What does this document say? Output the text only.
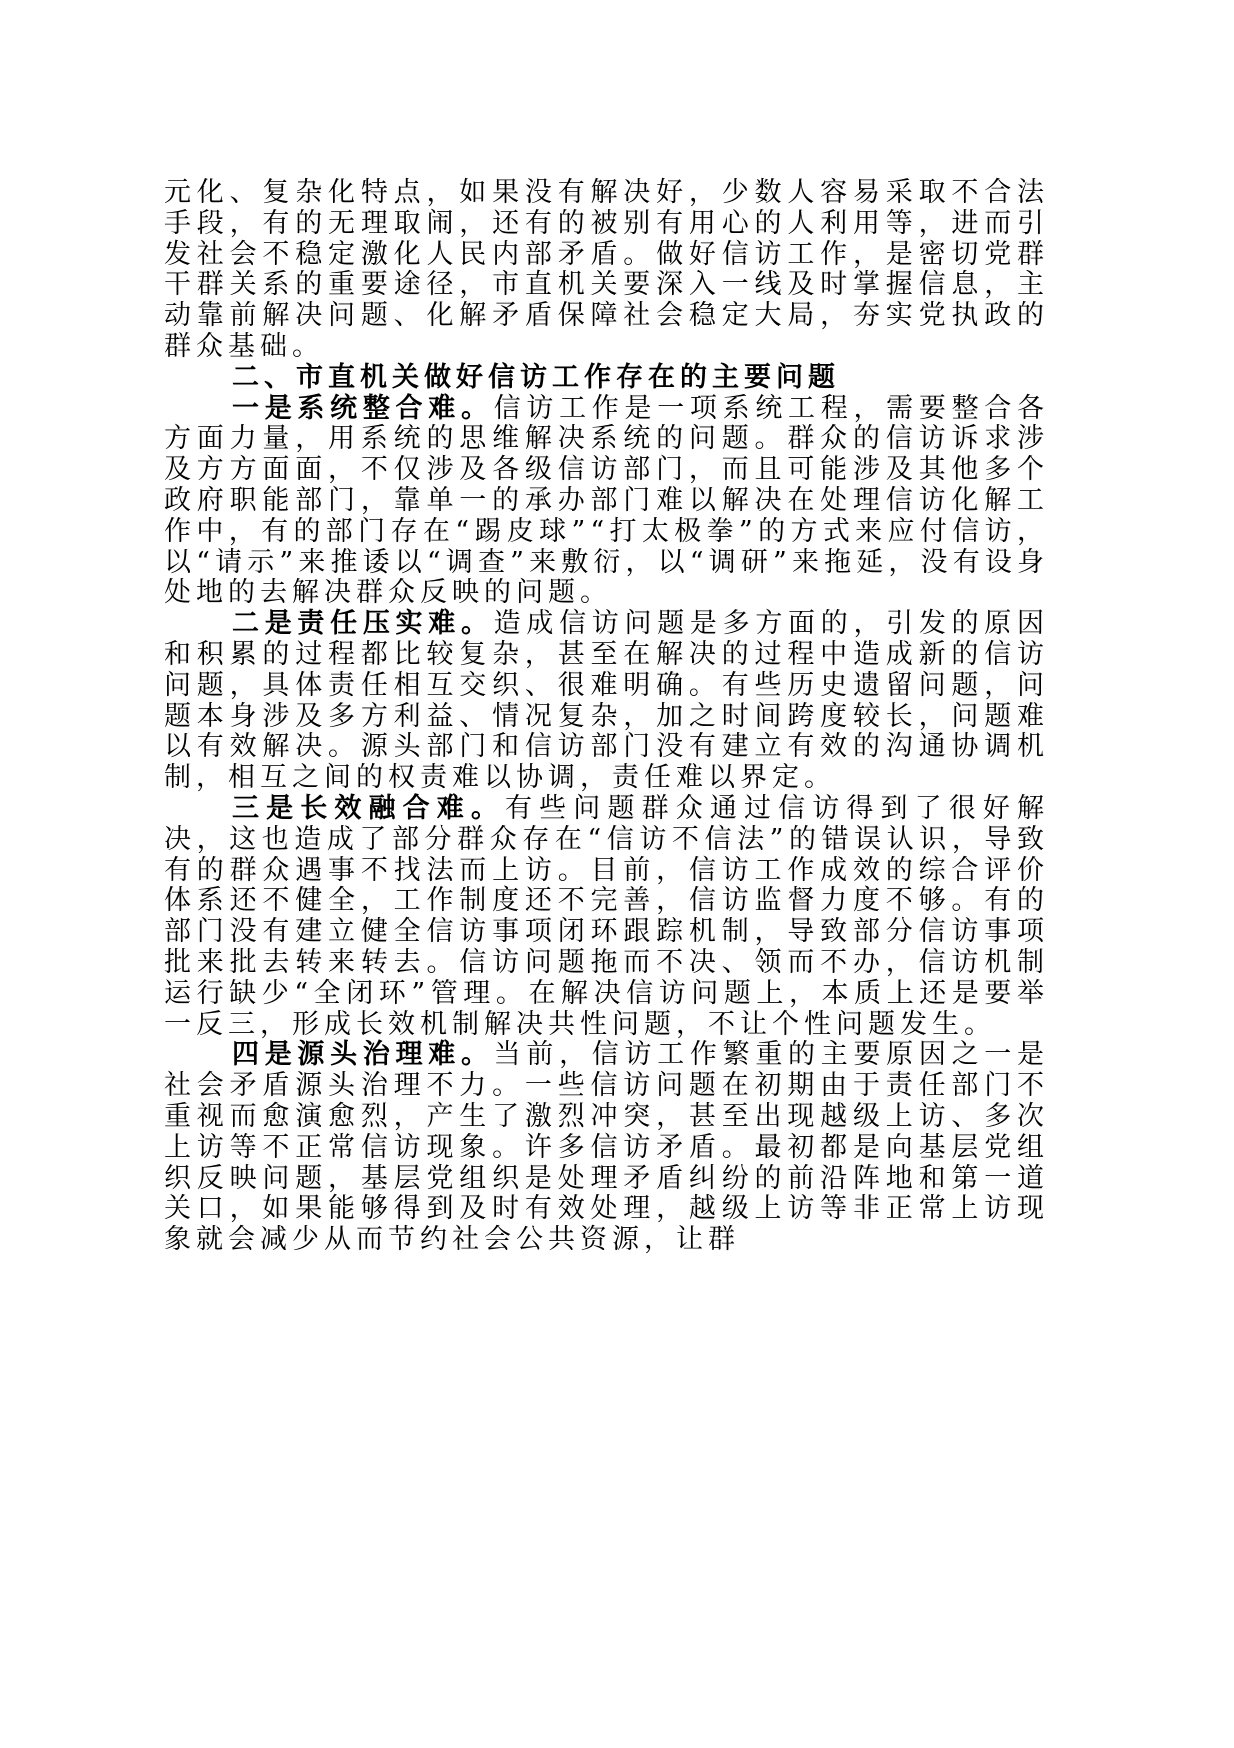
元化、复杂化特点，如果没有解决好，少数人容易采取不合法手段，有的无理取闹，还有的被别有用心的人利用等，进而引发社会不稳定激化人民内部矛盾。做好信访工作，是密切党群干群关系的重要途径，市直机关要深入一线及时掌握信息，主动靠前解决问题、化解矛盾保障社会稳定大局，夯实党执政的群众基础。

二、市直机关做好信访工作存在的主要问题

一是系统整合难。信访工作是一项系统工程，需要整合各方面力量，用系统的思维解决系统的问题。群众的信访诉求涉及方方面面，不仅涉及各级信访部门，而且可能涉及其他多个政府职能部门，靠单一的承办部门难以解决在处理信访化解工作中，有的部门存在“踢皮球”“打太极拳”的方式来应付信访，以“请示”来推诿以“调查”来敷衍，以“调研”来拖延，没有设身处地的去解决群众反映的问题。

二是责任压实难。造成信访问题是多方面的，引发的原因和积累的过程都比较复杂，甚至在解决的过程中造成新的信访问题，具体责任相互交织、很难明确。有些历史遗留问题，问题本身涉及多方利益、情况复杂，加之时间跨度较长，问题难以有效解决。源头部门和信访部门没有建立有效的沟通协调机制，相互之间的权责难以协调，责任难以界定。

三是长效融合难。有些问题群众通过信访得到了很好解决，这也造成了部分群众存在“信访不信法”的错误认识，导致有的群众遇事不找法而上访。目前，信访工作成效的综合评价体系还不健全，工作制度还不完善，信访监督力度不够。有的部门没有建立健全信访事项闭环跟踪机制，导致部分信访事项批来批去转来转去。信访问题拖而不决、领而不办，信访机制运行缺少“全闭环”管理。在解决信访问题上，本质上还是要举一反三，形成长效机制解决共性问题，不让个性问题发生。

四是源头治理难。当前，信访工作繁重的主要原因之一是社会矛盾源头治理不力。一些信访问题在初期由于责任部门不重视而愈演愈烈，产生了激烈冲突，甚至出现越级上访、多次上访等不正常信访现象。许多信访矛盾。最初都是向基层党组织反映问题，基层党组织是处理矛盾纠纷的前沿阵地和第一道关口，如果能够得到及时有效处理，越级上访等非正常上访现象就会减少从而节约社会公共资源，让群
